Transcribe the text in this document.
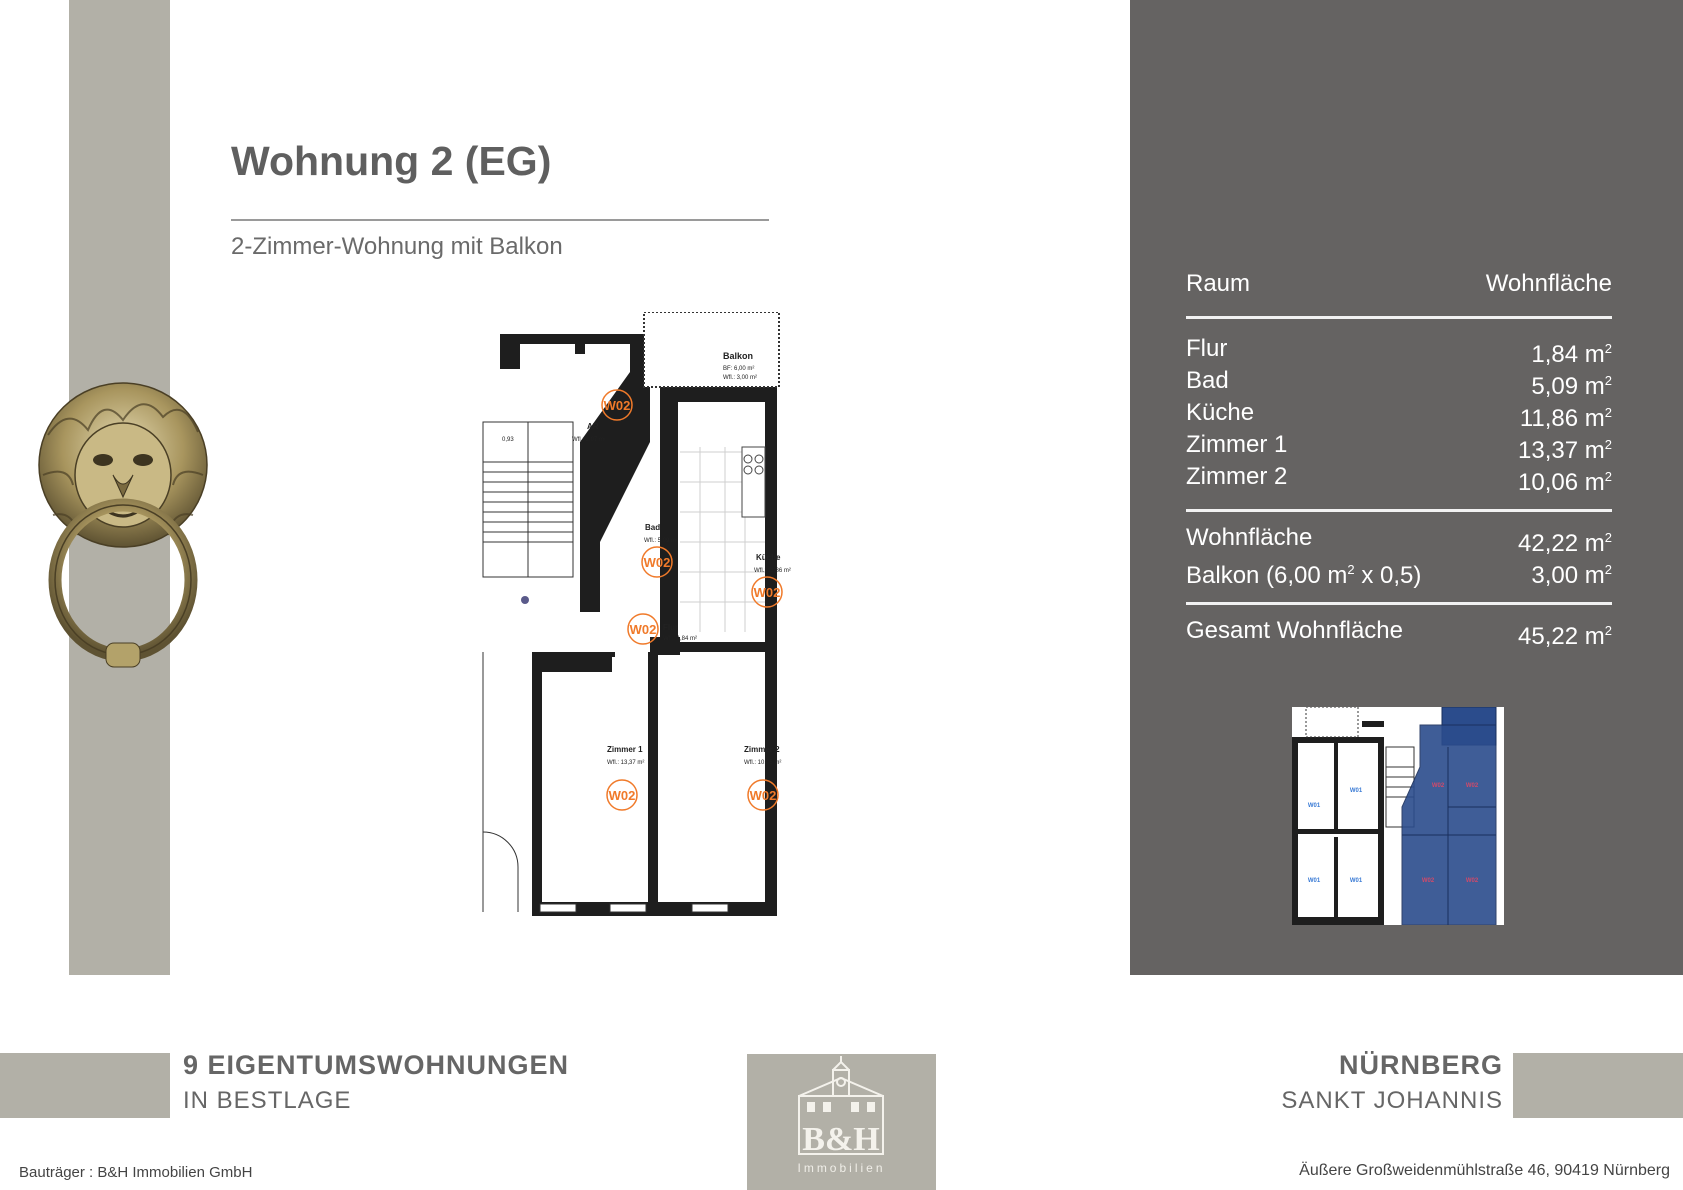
Wohnung 2 (EG)
2-Zimmer-Wohnung mit Balkon
Balkon
BF: 6,00 m²
Wfl.: 3,00 m²
AR
Wfl.: 1,07 m²
0,93
Bad
Wfl.: 5,09 m²
Küche
Wfl.: 11,86 m²
Flur
Wfl.: 1,84 m²
Zimmer 1
Wfl.: 13,37 m²
Zimmer 2
Wfl.: 10,06 m²
W02
W02
W02
W02
W02	W02
Raum	Wohnfläche
Flur	1,84 $m^2$
Bad	5,09 $m^2$
Küche	11,86 $m^2$
Zimmer 1	13,37 $m^2$
Zimmer 2	10,06 $m^2$
Wohnfläche	42,22 $m^2$
Balkon (6,00 $m^2$ x 0,5)	3,00 $m^2$
Gesamt Wohnfläche	45,22 $m^2$
W01
W01
W01	W01
W02	W02
W02	W02
9 EIGENTUMSWOHNUNGEN
IN BESTLAGE
NÜRNBERG
SANKT JOHANNIS
B&H
Immobilien
Bauträger : B&H Immobilien GmbH	Äußere Großweidenmühlstraße 46, 90419 Nürnberg
